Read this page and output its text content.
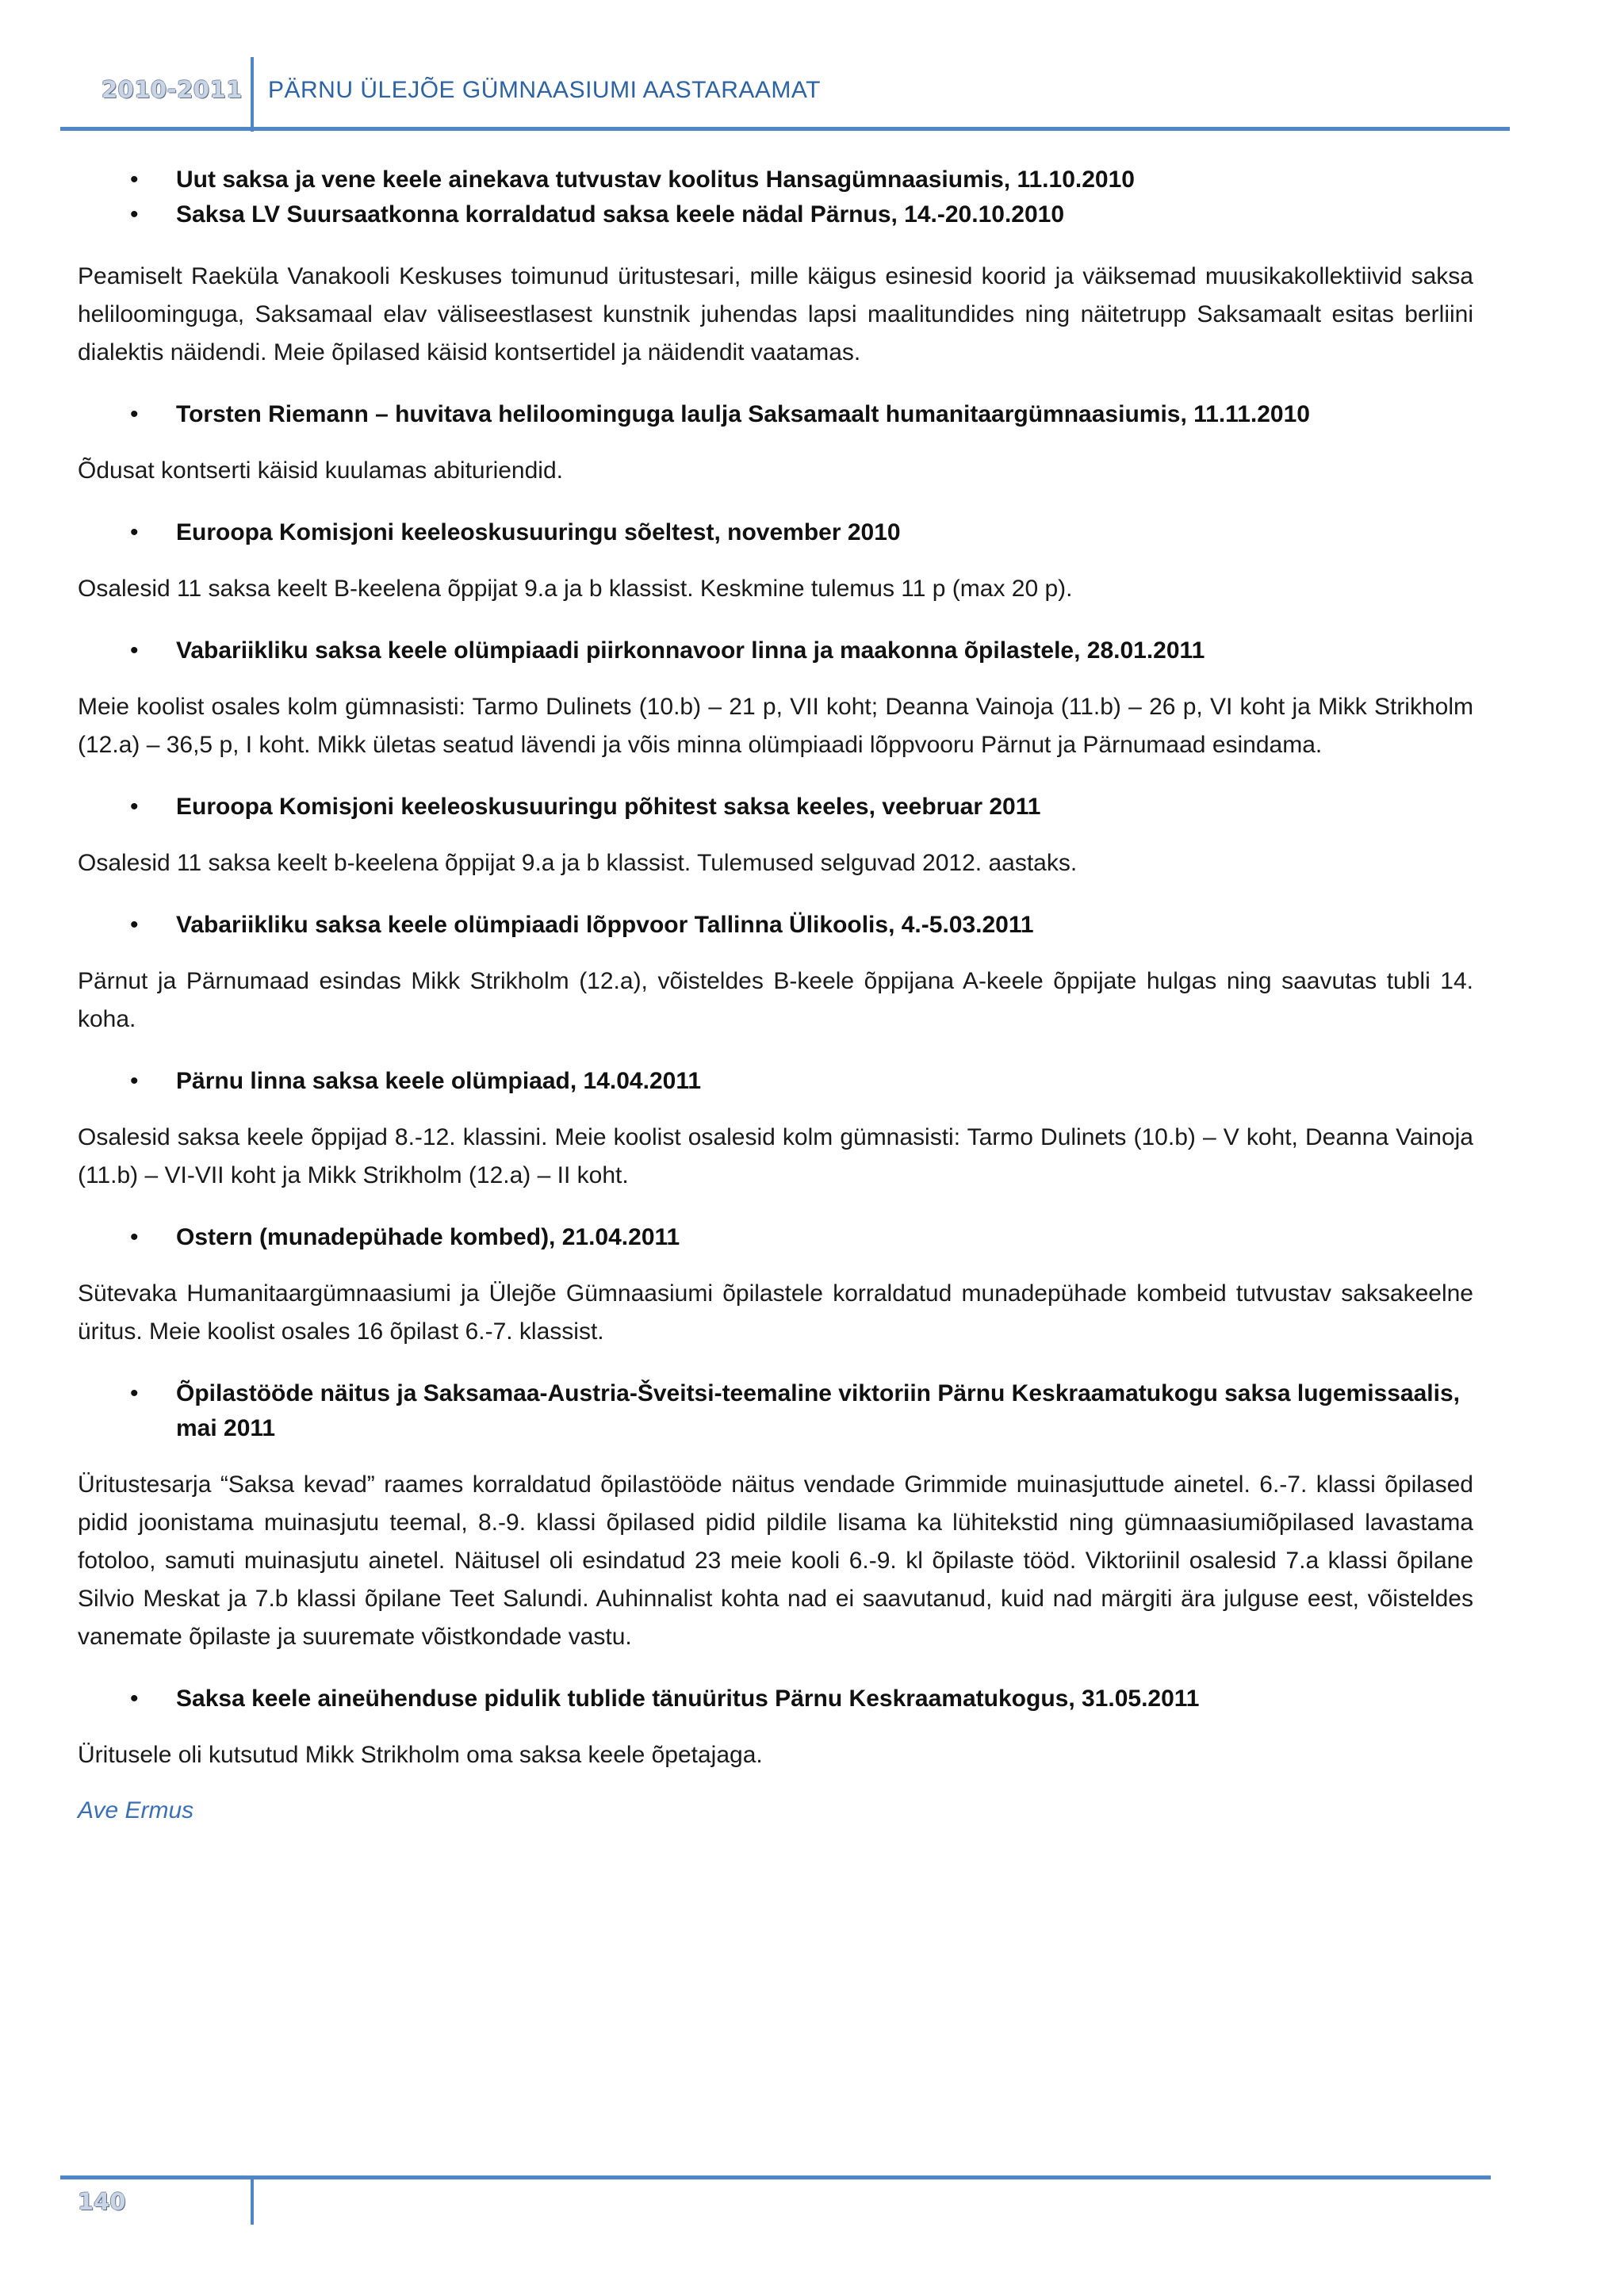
2010-2011 PÄRNU ÜLEJÕE GÜMNAASIUMI AASTARAAMAT
• Uut saksa ja vene keele ainekava tutvustav koolitus Hansagümnaasiumis, 11.10.2010
• Saksa LV Suursaatkonna korraldatud saksa keele nädal Pärnus, 14.-20.10.2010
Peamiselt Raeküla Vanakooli Keskuses toimunud üritustesari, mille käigus esinesid koorid ja väiksemad muusikakollektiivid saksa heliloominguga, Saksamaal elav väliseestlasest kunstnik juhendas lapsi maalitundides ning näitetrupp Saksamaalt esitas berliini dialektis näidendi. Meie õpilased käisid kontsertidel ja näidendit vaatamas.
• Torsten Riemann – huvitava heliloominguga laulja Saksamaalt humanitaargümnaasiumis, 11.11.2010
Õdusat kontserti käisid kuulamas abituriendid.
• Euroopa Komisjoni keeleoskusuuringu sõeltest, november 2010
Osalesid 11 saksa keelt B-keelena õppijat 9.a ja b klassist. Keskmine tulemus 11 p (max 20 p).
• Vabariikliku saksa keele olümpiaadi piirkonnavoor linna ja maakonna õpilastele, 28.01.2011
Meie koolist osales kolm gümnasisti: Tarmo Dulinets (10.b) – 21 p, VII koht; Deanna Vainoja (11.b) – 26 p, VI koht ja Mikk Strikholm (12.a) – 36,5 p, I koht. Mikk ületas seatud lävendi ja võis minna olümpiaadi lõppvooru Pärnut ja Pärnumaad esindama.
• Euroopa Komisjoni keeleoskusuuringu põhitest saksa keeles, veebruar 2011
Osalesid 11 saksa keelt b-keelena õppijat 9.a ja b klassist. Tulemused selguvad 2012. aastaks.
• Vabariikliku saksa keele olümpiaadi lõppvoor Tallinna Ülikoolis, 4.-5.03.2011
Pärnut ja Pärnumaad esindas Mikk Strikholm (12.a), võisteldes B-keele õppijana A-keele õppijate hulgas ning saavutas tubli 14. koha.
• Pärnu linna saksa keele olümpiaad, 14.04.2011
Osalesid saksa keele õppijad 8.-12. klassini. Meie koolist osalesid kolm gümnasisti: Tarmo Dulinets (10.b) – V koht, Deanna Vainoja (11.b) – VI-VII koht ja Mikk Strikholm (12.a) – II koht.
• Ostern (munadepühade kombed), 21.04.2011
Sütevaka Humanitaargümnaasiumi ja Ülejõe Gümnaasiumi õpilastele korraldatud munadepühade kombeid tutvustav saksakeelne üritus. Meie koolist osales 16 õpilast 6.-7. klassist.
• Õpilastööde näitus ja Saksamaa-Austria-Šveitsi-teemaline viktoriin Pärnu Keskraamatukogu saksa lugemissaalis, mai 2011
Üritustesarja “Saksa kevad” raames korraldatud õpilastööde näitus vendade Grimmide muinasjuttude ainetel. 6.-7. klassi õpilased pidid joonistama muinasjutu teemal, 8.-9. klassi õpilased pidid pildile lisama ka lühitekstid ning gümnaasiumiõpilased lavastama fotoloo, samuti muinasjutu ainetel. Näitusel oli esindatud 23 meie kooli 6.-9. kl õpilaste tööd. Viktoriinil osalesid 7.a klassi õpilane Silvio Meskat ja 7.b klassi õpilane Teet Salundi. Auhinnalist kohta nad ei saavutanud, kuid nad märgiti ära julguse eest, võisteldes vanemate õpilaste ja suuremate võistkondade vastu.
• Saksa keele aineühenduse pidulik tublide tänuüritus Pärnu Keskraamatukogus, 31.05.2011
Üritusele oli kutsutud Mikk Strikholm oma saksa keele õpetajaga.
Ave Ermus
140
